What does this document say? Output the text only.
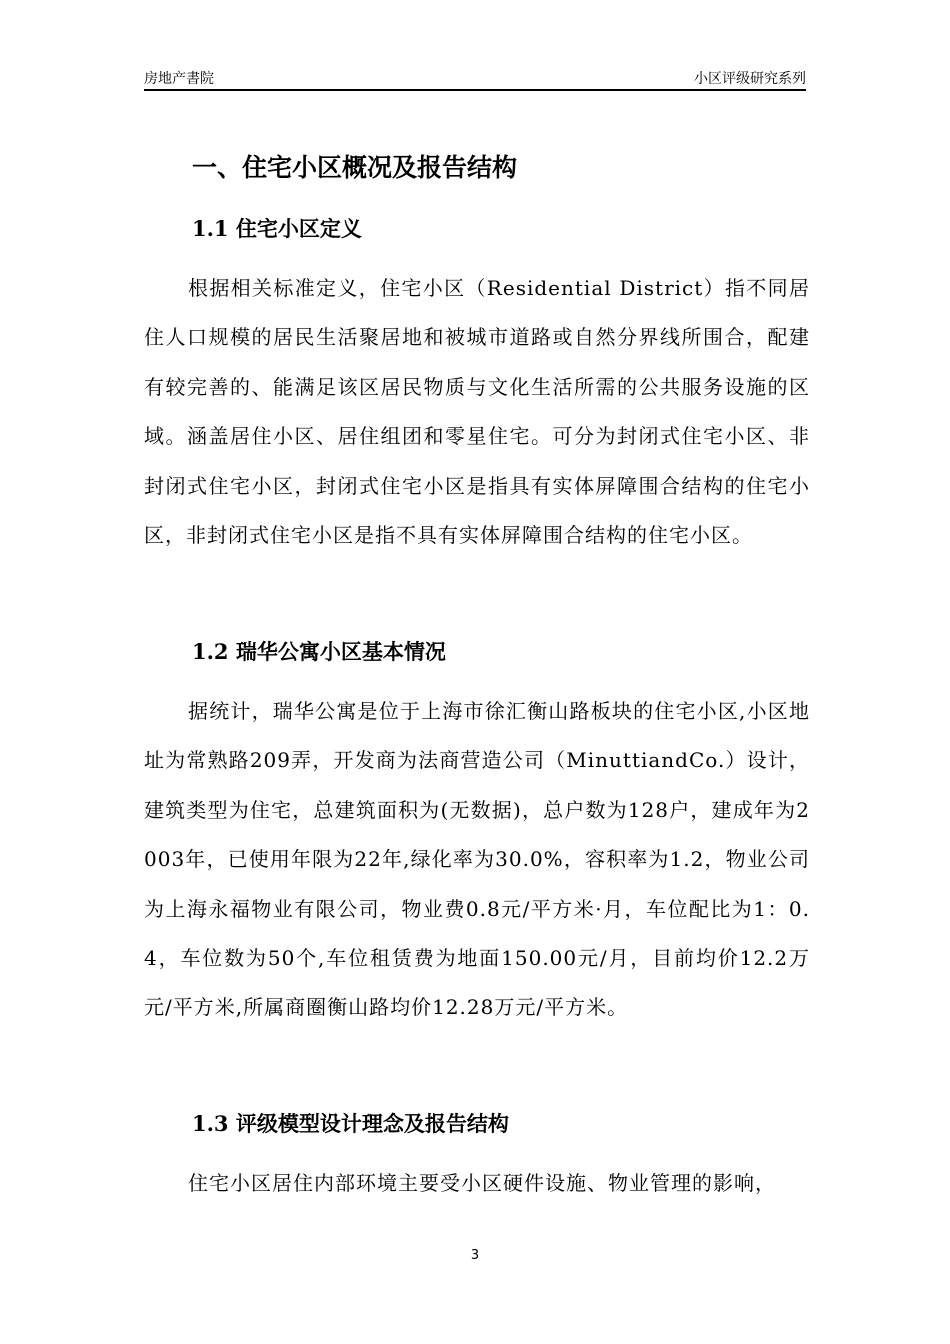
房地产書院	小区评级研究系列
一、住宅小区概况及报告结构
1.1 住宅小区定义

根据相关标准定义，住宅小区（Residential District）指不同居住人口规模的居民生活聚居地和被城市道路或自然分界线所围合，配建有较完善的、能满足该区居民物质与文化生活所需的公共服务设施的区域。涵盖居住小区、居住组团和零星住宅。可分为封闭式住宅小区、非封闭式住宅小区，封闭式住宅小区是指具有实体屏障围合结构的住宅小区，非封闭式住宅小区是指不具有实体屏障围合结构的住宅小区。

1.2 瑞华公寓小区基本情况

据统计，瑞华公寓是位于上海市徐汇衡山路板块的住宅小区,小区地址为常熟路209弄，开发商为法商营造公司（MinuttiandCo.）设计，建筑类型为住宅，总建筑面积为(无数据)，总户数为128户，建成年为2003年，已使用年限为22年,绿化率为30.0%，容积率为1.2，物业公司为上海永福物业有限公司，物业费0.8元/平方米·月，车位配比为1：0.4，车位数为50个,车位租赁费为地面150.00元/月，目前均价12.2万元/平方米,所属商圈衡山路均价12.28万元/平方米。

1.3 评级模型设计理念及报告结构

住宅小区居住内部环境主要受小区硬件设施、物业管理的影响，

3
